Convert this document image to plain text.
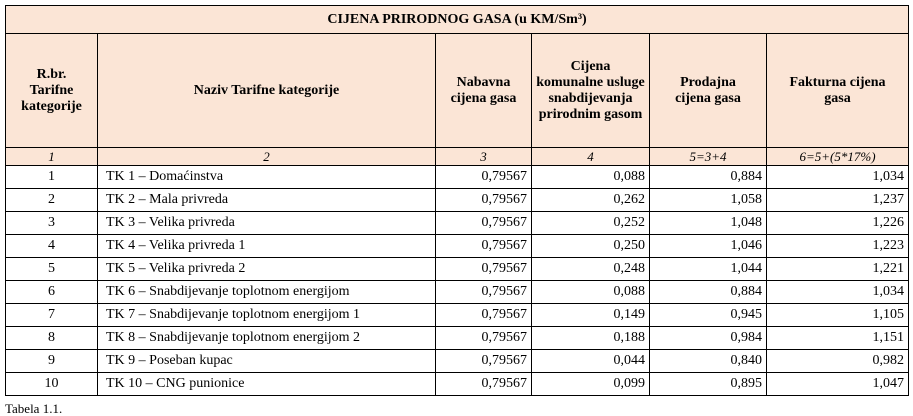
CIJENA PRIRODNOG GASA (u KM/Sm³)					
R.br. Tarifne kategorije	Naziv Tarifne kategorije	Nabavna cijena gasa	Cijena komunalne usluge snabdijevanja prirodnim gasom	Prodajna cijena gasa	Fakturna cijena gasa
1	2	3	4	5=3+4	6=5+(5*17%)
1	TK 1 – Domaćinstva	0,79567	0,088	0,884	1,034
2	TK 2 – Mala privreda	0,79567	0,262	1,058	1,237
3	TK 3 – Velika privreda	0,79567	0,252	1,048	1,226
4	TK 4 – Velika privreda 1	0,79567	0,250	1,046	1,223
5	TK 5 – Velika privreda 2	0,79567	0,248	1,044	1,221
6	TK 6 – Snabdijevanje toplotnom energijom	0,79567	0,088	0,884	1,034
7	TK 7 – Snabdijevanje toplotnom energijom 1	0,79567	0,149	0,945	1,105
8	TK 8 – Snabdijevanje toplotnom energijom 2	0,79567	0,188	0,984	1,151
9	TK 9 – Poseban kupac	0,79567	0,044	0,840	0,982
10	TK 10 – CNG punionice	0,79567	0,099	0,895	1,047
Tabela 1.1.
